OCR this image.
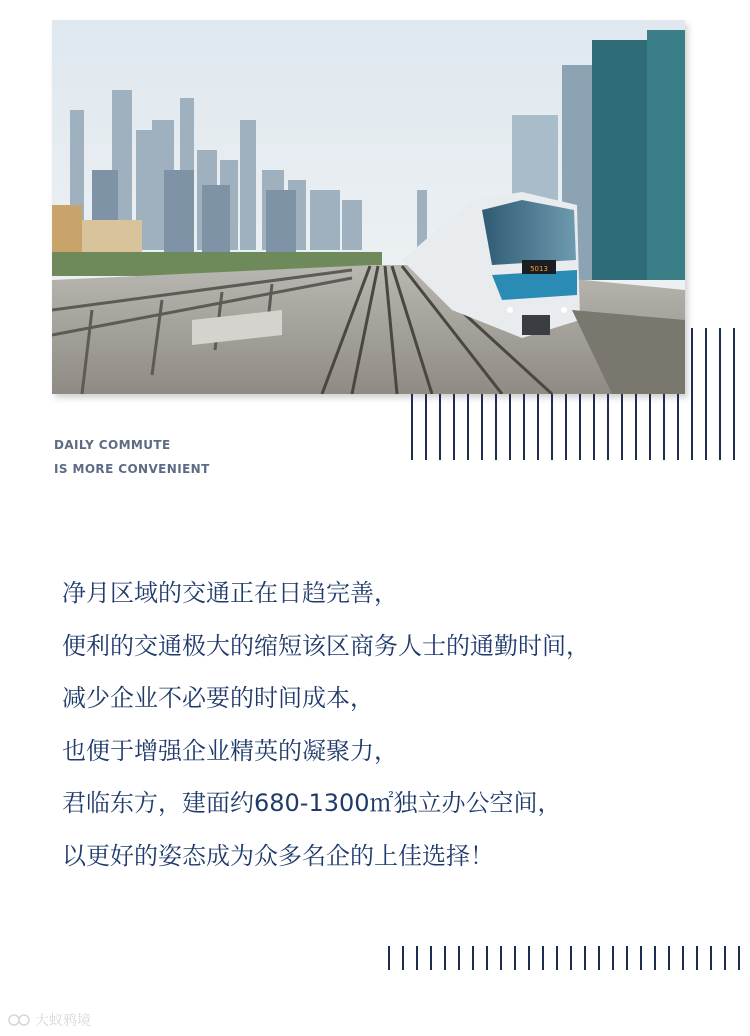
5013
DAILY COMMUTE
IS MORE CONVENIENT
净月区域的交通正在日趋完善，
便利的交通极大的缩短该区商务人士的通勤时间，
减少企业不必要的时间成本，
也便于增强企业精英的凝聚力，
君临东方，建面约680-1300㎡独立办公空间，
以更好的姿态成为众多名企的上佳选择！
大蚁鸦境
